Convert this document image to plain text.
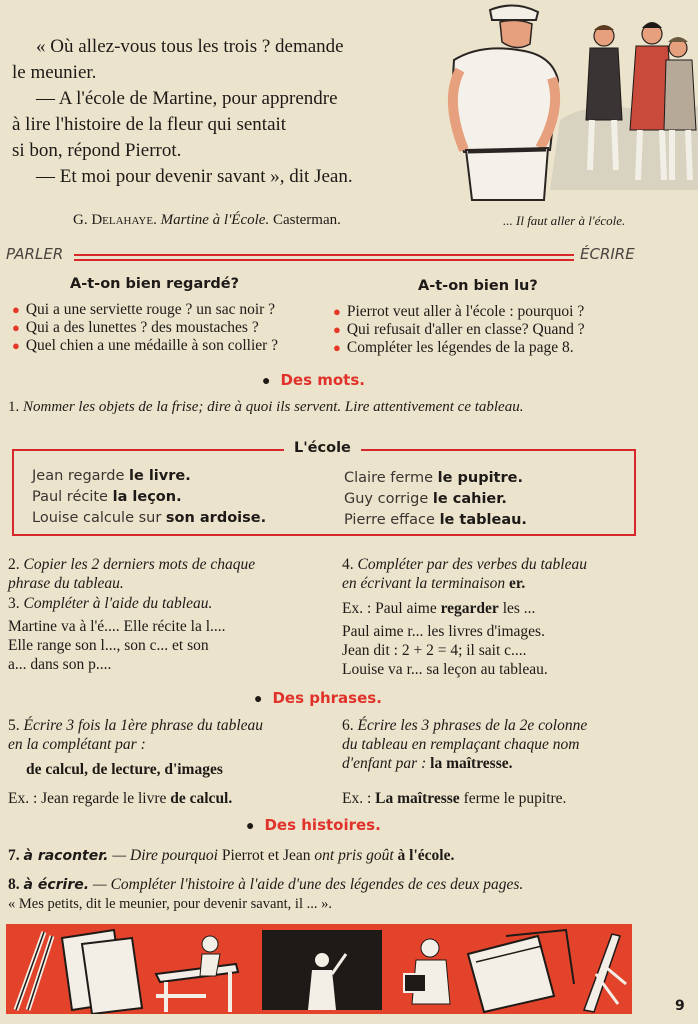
« Où allez-vous tous les trois ? demande
le meunier.
— A l'école de Martine, pour apprendre
à lire l'histoire de la fleur qui sentait
si bon, répond Pierrot.
— Et moi pour devenir savant », dit Jean.
G. Delahaye. Martine à l'École. Casterman.	... Il faut aller à l'école.
PARLER	ÉCRIRE
A-t-on bien regardé?
● Qui a une serviette rouge ? un sac noir ?
● Qui a des lunettes ? des moustaches ?
● Quel chien a une médaille à son collier ?
A-t-on bien lu?
● Pierrot veut aller à l'école : pourquoi ?
● Qui refusait d'aller en classe? Quand ?
● Compléter les légendes de la page 8.
● Des mots.
1. Nommer les objets de la frise; dire à quoi ils servent. Lire attentivement ce tableau.
L'école
Jean regarde le livre.
Paul récite la leçon.
Louise calcule sur son ardoise.
Claire ferme le pupitre.
Guy corrige le cahier.
Pierre efface le tableau.
2. Copier les 2 derniers mots de chaque
phrase du tableau.
3. Compléter à l'aide du tableau.
Martine va à l'é.... Elle récite la l....
Elle range son l..., son c... et son
a... dans son p....
4. Compléter par des verbes du tableau
en écrivant la terminaison er.
Ex. : Paul aime regarder les ...
Paul aime r... les livres d'images.
Jean dit : 2 + 2 = 4; il sait c....
Louise va r... sa leçon au tableau.
● Des phrases.
5. Écrire 3 fois la 1ère phrase du tableau
en la complétant par :
de calcul, de lecture, d'images
Ex. : Jean regarde le livre de calcul.
6. Écrire les 3 phrases de la 2e colonne
du tableau en remplaçant chaque nom
d'enfant par : la maîtresse.
Ex. : La maîtresse ferme le pupitre.
● Des histoires.
7. à raconter. — Dire pourquoi Pierrot et Jean ont pris goût à l'école.
8. à écrire. — Compléter l'histoire à l'aide d'une des légendes de ces deux pages.
« Mes petits, dit le meunier, pour devenir savant, il ... ».
9
